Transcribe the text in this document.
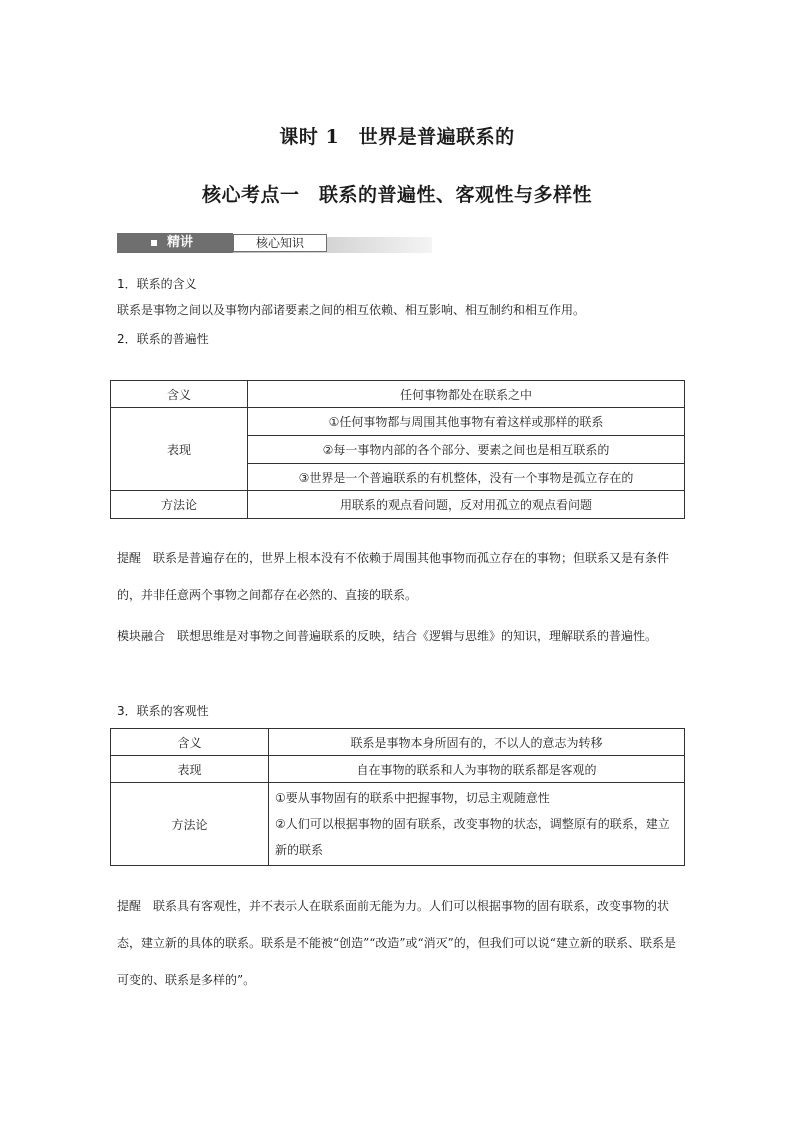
课时 1　世界是普遍联系的
核心考点一　联系的普遍性、客观性与多样性
精讲	核心知识
1．联系的含义
联系是事物之间以及事物内部诸要素之间的相互依赖、相互影响、相互制约和相互作用。
2．联系的普遍性
含义	任何事物都处在联系之中
表现	①任何事物都与周围其他事物有着这样或那样的联系
	②每一事物内部的各个部分、要素之间也是相互联系的
	③世界是一个普遍联系的有机整体，没有一个事物是孤立存在的
方法论	用联系的观点看问题，反对用孤立的观点看问题
提醒　 联系是普遍存在的，世界上根本没有不依赖于周围其他事物而孤立存在的事物；但联系又是有条件的，并非任意两个事物之间都存在必然的、直接的联系。
模块融合　 联想思维是对事物之间普遍联系的反映，结合《逻辑与思维》的知识，理解联系的普遍性。
3．联系的客观性
含义	联系是事物本身所固有的，不以人的意志为转移
表现	自在事物的联系和人为事物的联系都是客观的
方法论	①要从事物固有的联系中把握事物，切忌主观随意性
②人们可以根据事物的固有联系，改变事物的状态，调整原有的联系，建立新的联系
提醒　 联系具有客观性，并不表示人在联系面前无能为力。人们可以根据事物的固有联系，改变事物的状态，建立新的具体的联系。联系是不能被“创造”“改造”或“消灭”的，但我们可以说“建立新的联系、联系是可变的、联系是多样的”。
